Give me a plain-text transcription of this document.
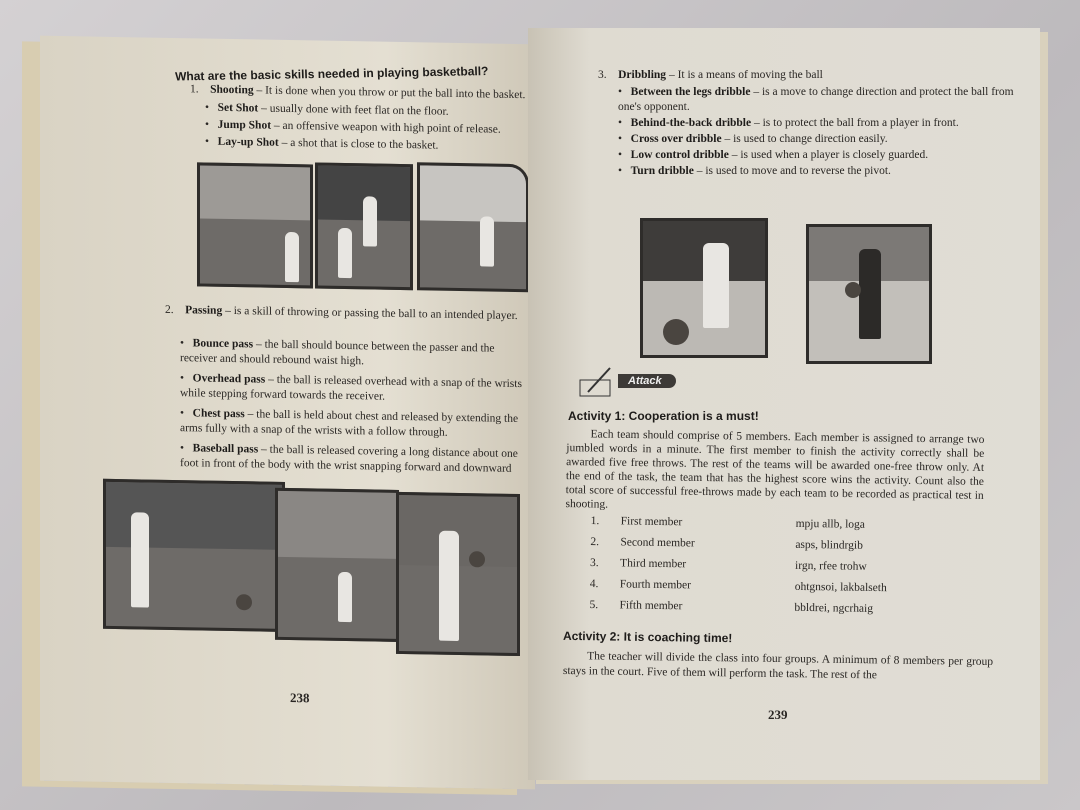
What are the basic skills needed in playing basketball?
1. Shooting – It is done when you throw or put the ball into the basket.
•   Set Shot – usually done with feet flat on the floor.
•   Jump Shot – an offensive weapon with high point of release.
•   Lay-up Shot – a shot that is close to the basket.
2. Passing – is a skill of throwing or passing the ball to an intended player.
•   Bounce pass – the ball should bounce between the passer and the receiver and should rebound waist high.
•   Overhead pass – the ball is released overhead with a snap of the wrists while stepping forward towards the receiver.
•   Chest pass – the ball is held about chest and released by extending the arms fully with a snap of the wrists with a follow through.
•   Baseball pass – the ball is released covering a long distance about one foot in front of the body with the wrist snapping forward and downward
238
3. Dribbling – It is a means of moving the ball
•   Between the legs dribble – is a move to change direction and protect the ball from one's opponent.
•   Behind-the-back dribble – is to protect the ball from a player in front.
•   Cross over dribble – is used to change direction easily.
•   Low control dribble – is used when a player is closely guarded.
•   Turn dribble – is used to move and to reverse the pivot.
Attack
Activity 1: Cooperation is a must!
Each team should comprise of 5 members. Each member is assigned to arrange two jumbled words in a minute. The first member to finish the activity correctly shall be awarded five free throws. The rest of the teams will be awarded one-free throw only. At the end of the task, the team that has the highest score wins the activity. Count also the total score of successful free-throws made by each team to be recorded as practical test in shooting.
1.	First member	mpju allb, loga
2.	Second member	asps, blindrgib
3.	Third member	irgn, rfee trohw
4.	Fourth member	ohtgnsoi, lakbalseth
5.	Fifth member	bbldrei, ngcrhaig
Activity 2: It is coaching time!
The teacher will divide the class into four groups. A minimum of 8 members per group stays in the court. Five of them will perform the task. The rest of the
239
